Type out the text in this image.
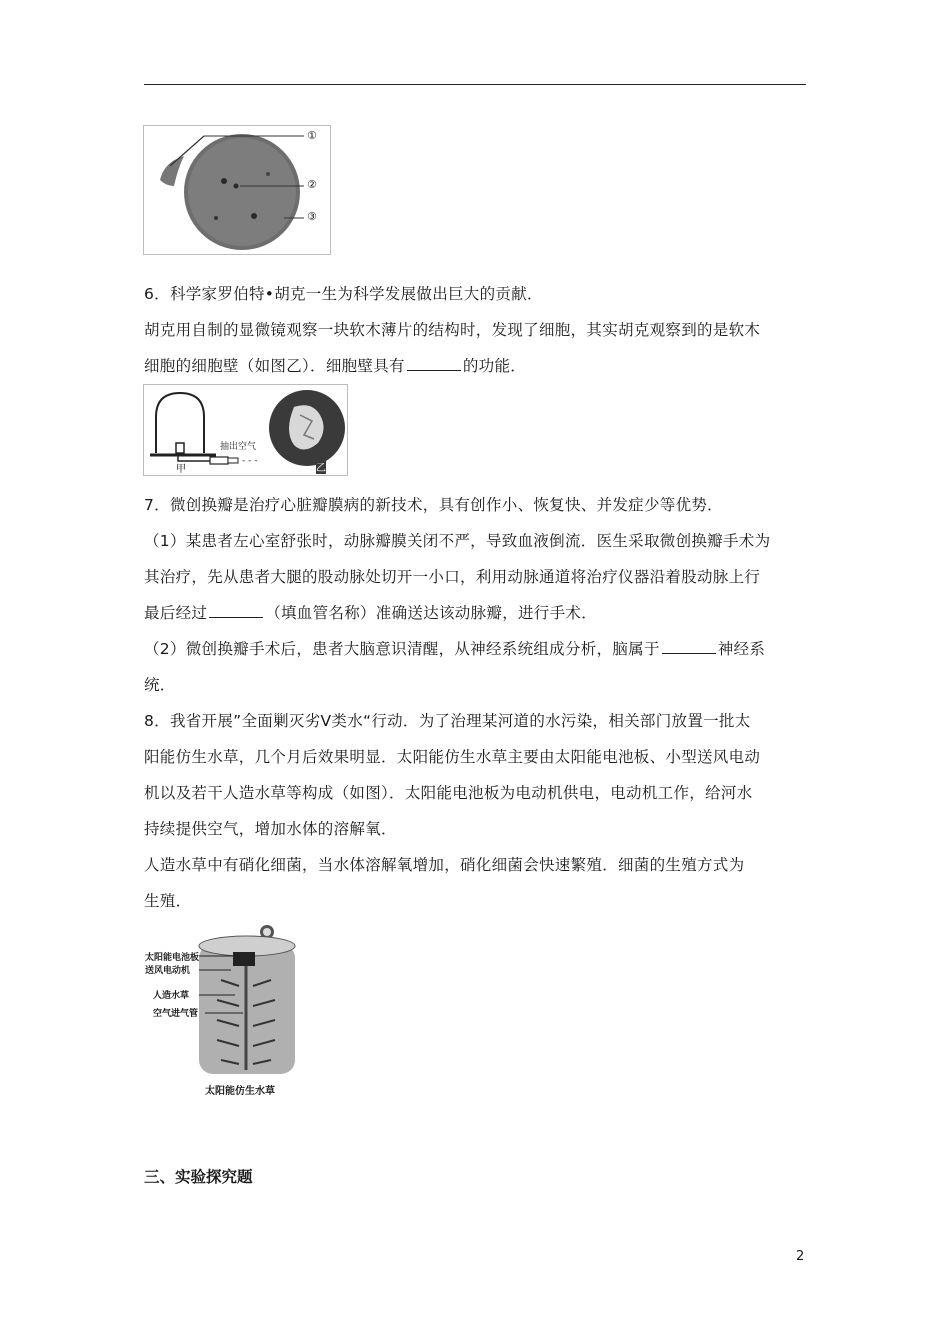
①
②
③
6．科学家罗伯特•胡克一生为科学发展做出巨大的贡献．
胡克用自制的显微镜观察一块软木薄片的结构时，发现了细胞，其实胡克观察到的是软木
细胞的细胞壁（如图乙）．细胞壁具有	的功能．
- - -
抽出空气
甲	乙
7．微创换瓣是治疗心脏瓣膜病的新技术，具有创作小、恢复快、并发症少等优势．
（1）某患者左心室舒张时，动脉瓣膜关闭不严，导致血液倒流．医生采取微创换瓣手术为
其治疗，先从患者大腿的股动脉处切开一小口，利用动脉通道将治疗仪器沿着股动脉上行
最后经过	（填血管名称）准确送达该动脉瓣，进行手术．
（2）微创换瓣手术后，患者大脑意识清醒，从神经系统组成分析，脑属于	神经系
统．
8．我省开展”全面剿灭劣Ⅴ类水“行动．为了治理某河道的水污染，相关部门放置一批太
阳能仿生水草，几个月后效果明显．太阳能仿生水草主要由太阳能电池板、小型送风电动
机以及若干人造水草等构成（如图）．太阳能电池板为电动机供电，电动机工作，给河水
持续提供空气，增加水体的溶解氧．
人造水草中有硝化细菌，当水体溶解氧增加，硝化细菌会快速繁殖．细菌的生殖方式为
生殖．
太阳能电池板
送风电动机
人造水草
空气进气管
太阳能仿生水草
三、实验探究题
2
